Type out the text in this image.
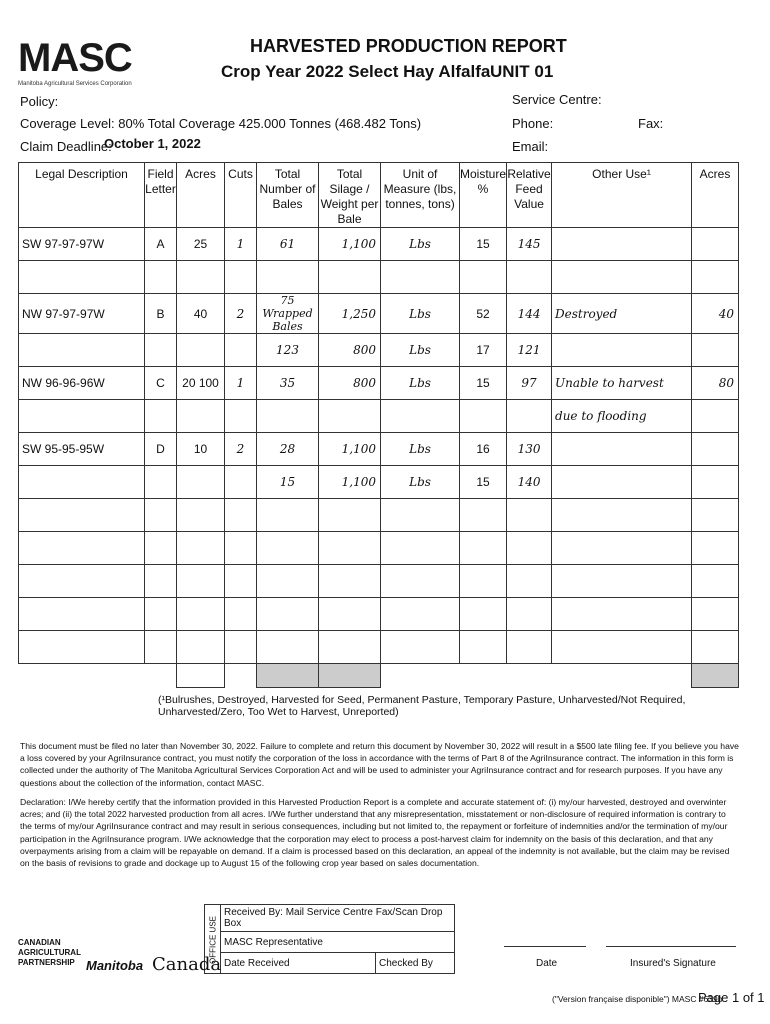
MASC
Manitoba Agricultural Services Corporation
HARVESTED PRODUCTION REPORT
Crop Year 2022 Select Hay Alfalfa UNIT 01
Policy:
Coverage Level: 80% Total Coverage 425.000 Tonnes (468.482 Tons)
Claim Deadline:
October 1, 2022
Service Centre:
Phone:	Fax:
Email:
Legal Description	Field Letter	Acres	Cuts	Total Number of Bales	Total Silage / Weight per Bale	Unit of Measure (lbs, tonnes, tons)	Moisture %	Relative Feed Value	Other Use¹	Acres
SW 97-97-97W	A	25	1	61	1,100	Lbs	15	145		

NW 97-97-97W	B	40	2	75 Wrapped Bales	1,250	Lbs	52	144	Destroyed	40
				123	800	Lbs	17	121		
NW 96-96-96W	C	20 100	1	35	800	Lbs	15	97	Unable to harvest	80
									due to flooding	
SW 95-95-95W	D	10	2	28	1,100	Lbs	16	130		
				15	1,100	Lbs	15	140		

(¹Bulrushes, Destroyed, Harvested for Seed, Permanent Pasture, Temporary Pasture, Unharvested/Not Required, Unharvested/Zero, Too Wet to Harvest, Unreported)
This document must be filed no later than November 30, 2022. Failure to complete and return this document by November 30, 2022 will result in a $500 late filing fee. If you believe you have a loss covered by your AgriInsurance contract, you must notify the corporation of the loss in accordance with the terms of Part 8 of the AgriInsurance contract. The information in this form is collected under the authority of The Manitoba Agricultural Services Corporation Act and will be used to administer your AgriInsurance contract and for research purposes. If you have any questions about the collection of the information, contact MASC.
Declaration: I/We hereby certify that the information provided in this Harvested Production Report is a complete and accurate statement of: (i) my/our harvested, destroyed and overwinter acres; and (ii) the total 2022 harvested production from all acres. I/We further understand that any misrepresentation, misstatement or non-disclosure of required information is contrary to the terms of my/our AgriInsurance contract and may result in serious consequences, including but not limited to, the repayment or forfeiture of indemnities and/or the termination of my/our participation in the AgriInsurance program. I/We acknowledge that the corporation may elect to process a post-harvest claim for indemnity on the basis of this declaration, and that any overpayments arising from a claim will be repayable on demand. If a claim is processed based on this declaration, an appeal of the indemnity is not available, but the claim may be revised on the basis of revisions to grade and dockage up to August 15 of the following crop year based on sales documentation.
OFFICE USE	Received By: Mail Service Centre Fax/Scan Drop Box	
	MASC Representative	
	Date Received	Checked By
CANADIAN AGRICULTURAL PARTNERSHIP Manitoba Canada	Date	Insured's Signature
("Version française disponible") MASC #639b
Page 1 of 1
